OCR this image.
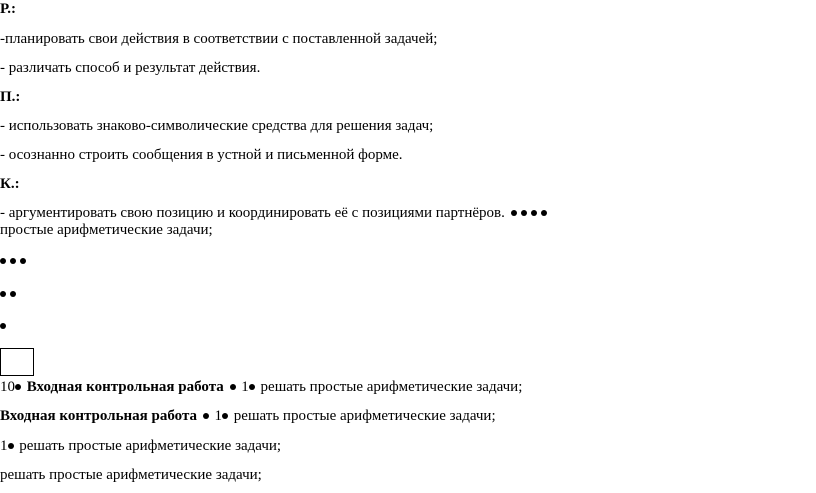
Р.:
-планировать свои действия в соответствии с поставленной задачей;
- различать способ и результат действия.
П.:
- использовать знаково-символические средства для решения задач;
- осознанно строить сообщения в устной и письменной форме.
К.:
- аргументировать свою позицию и координировать её с позициями партнёров.
простые арифметические задачи;
10 Входная контрольная работа 1 решать простые арифметические задачи;
Входная контрольная работа 1 решать простые арифметические задачи;
1 решать простые арифметические задачи;
решать простые арифметические задачи;
